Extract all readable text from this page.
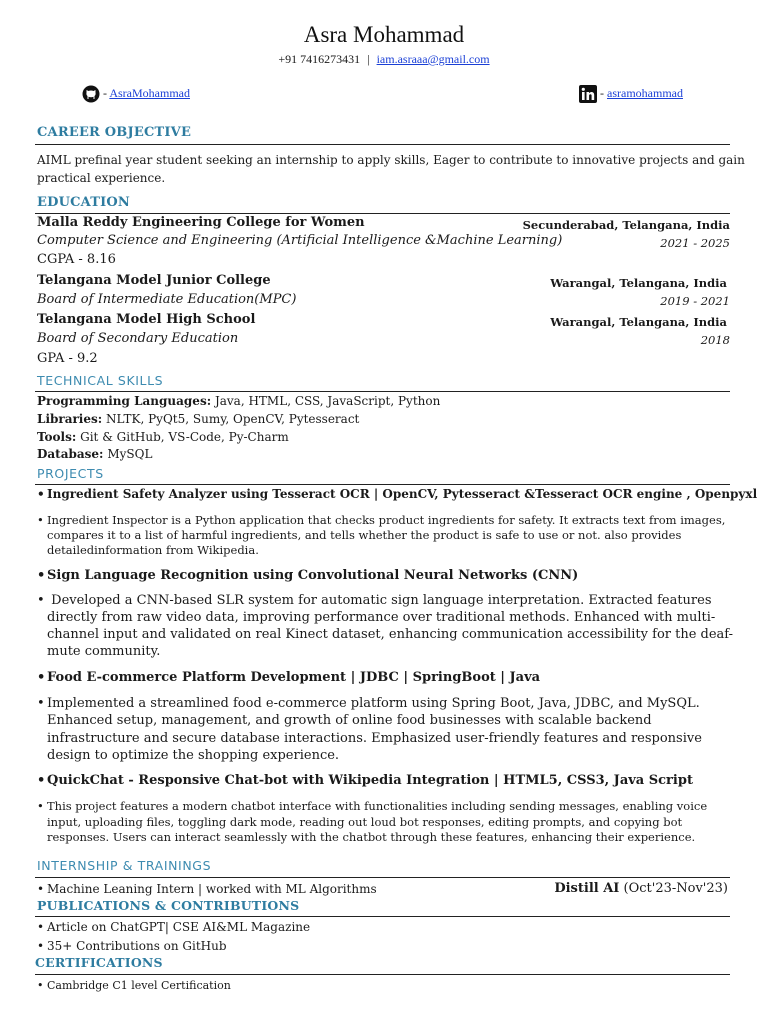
Asra Mohammad
+91 7416273431 | iam.asraaa@gmail.com
- AsraMohammad	- asramohammad
CAREER OBJECTIVE
AIML prefinal year student seeking an internship to apply skills, Eager to contribute to innovative projects and gain
practical experience.
EDUCATION
Malla Reddy Engineering College for Women	Secunderabad, Telangana, India
Computer Science and Engineering (Artificial Intelligence &Machine Learning)	2021 - 2025
CGPA - 8.16
Telangana Model Junior College	Warangal, Telangana, India
Board of Intermediate Education(MPC)	2019 - 2021
Telangana Model High School	Warangal, Telangana, India
Board of Secondary Education	2018
GPA - 9.2
TECHNICAL SKILLS
Programming Languages: Java, HTML, CSS, JavaScript, Python
Libraries: NLTK, PyQt5, Sumy, OpenCV, Pytesseract
Tools: Git & GitHub, VS-Code, Py-Charm
Database: MySQL
PROJECTS
• Ingredient Safety Analyzer using Tesseract OCR | OpenCV, Pytesseract &Tesseract OCR engine , Openpyxl
• Ingredient Inspector is a Python application that checks product ingredients for safety. It extracts text from images,
compares it to a list of harmful ingredients, and tells whether the product is safe to use or not. also provides
detailedinformation from Wikipedia.
• Sign Language Recognition using Convolutional Neural Networks (CNN)
• Developed a CNN-based SLR system for automatic sign language interpretation. Extracted features
directly from raw video data, improving performance over traditional methods. Enhanced with multi-
channel input and validated on real Kinect dataset, enhancing communication accessibility for the deaf-
mute community.
• Food E-commerce Platform Development | JDBC | SpringBoot | Java
• Implemented a streamlined food e-commerce platform using Spring Boot, Java, JDBC, and MySQL.
Enhanced setup, management, and growth of online food businesses with scalable backend
infrastructure and secure database interactions. Emphasized user-friendly features and responsive
design to optimize the shopping experience.
• QuickChat - Responsive Chat-bot with Wikipedia Integration | HTML5, CSS3, Java Script
• This project features a modern chatbot interface with functionalities including sending messages, enabling voice
input, uploading files, toggling dark mode, reading out loud bot responses, editing prompts, and copying bot
responses. Users can interact seamlessly with the chatbot through these features, enhancing their experience.
INTERNSHIP & TRAININGS
• Machine Leaning Intern | worked with ML Algorithms	Distill AI (Oct'23-Nov'23)
PUBLICATIONS & CONTRIBUTIONS
• Article on ChatGPT| CSE AI&ML Magazine
• 35+ Contributions on GitHub
CERTIFICATIONS
• Cambridge C1 level Certification
